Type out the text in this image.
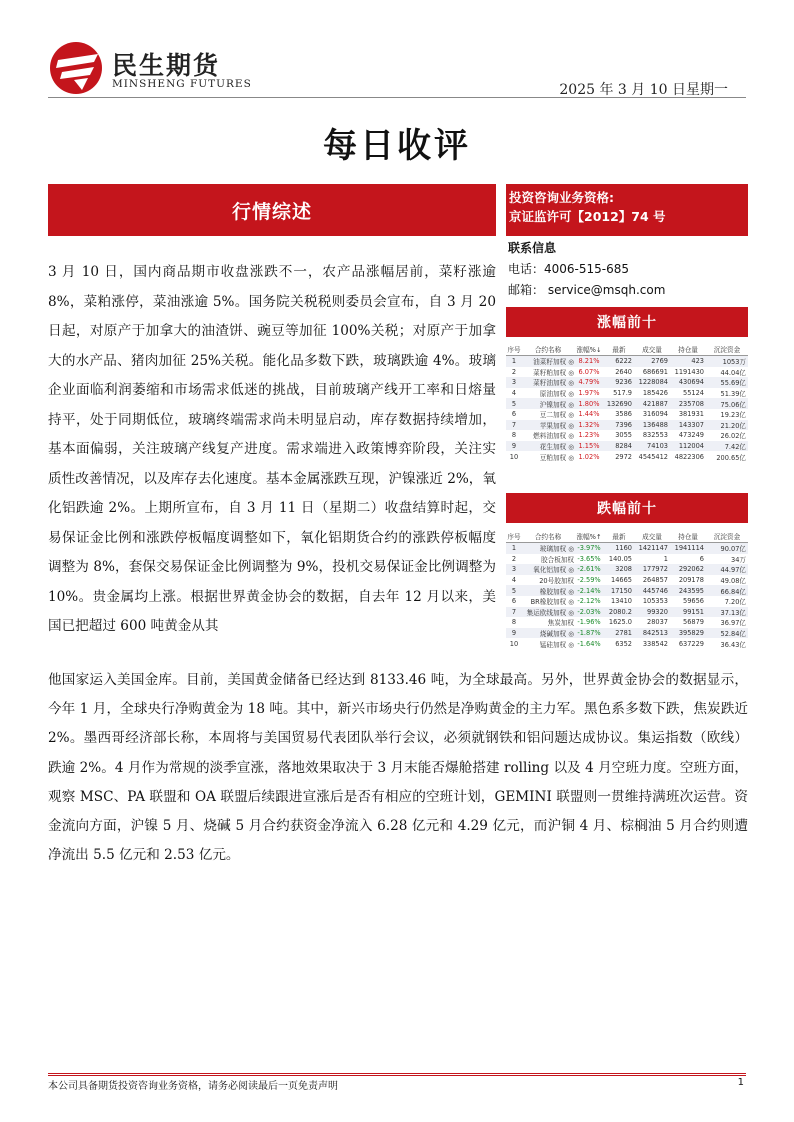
民生期货
MINSHENG FUTURES	2025 年 3 月 10 日星期一
每日收评
行情综述
3 月 10 日，国内商品期市收盘涨跌不一，农产品涨幅居前，菜籽涨逾 8%，菜粕涨停，菜油涨逾 5%。国务院关税税则委员会宣布，自 3 月 20 日起，对原产于加拿大的油渣饼、豌豆等加征 100%关税；对原产于加拿大的水产品、猪肉加征 25%关税。能化品多数下跌，玻璃跌逾 4%。玻璃企业面临利润萎缩和市场需求低迷的挑战，目前玻璃产线开工率和日熔量持平，处于同期低位，玻璃终端需求尚未明显启动，库存数据持续增加，基本面偏弱，关注玻璃产线复产进度。需求端进入政策博弈阶段，关注实质性改善情况，以及库存去化速度。基本金属涨跌互现，沪镍涨近 2%，氧化铝跌逾 2%。上期所宣布，自 3 月 11 日（星期二）收盘结算时起，交易保证金比例和涨跌停板幅度调整如下，氧化铝期货合约的涨跌停板幅度调整为 8%，套保交易保证金比例调整为 9%，投机交易保证金比例调整为 10%。贵金属均上涨。根据世界黄金协会的数据，自去年 12 月以来，美国已把超过 600 吨黄金从其
他国家运入美国金库。目前，美国黄金储备已经达到 8133.46 吨，为全球最高。另外，世界黄金协会的数据显示，今年 1 月，全球央行净购黄金为 18 吨。其中，新兴市场央行仍然是净购黄金的主力军。黑色系多数下跌，焦炭跌近 2%。墨西哥经济部长称，本周将与美国贸易代表团队举行会议，必须就钢铁和铝问题达成协议。集运指数（欧线）跌逾 2%。4 月作为常规的淡季宣涨，落地效果取决于 3 月末能否爆舱搭建 rolling 以及 4 月空班力度。空班方面，观察 MSC、PA 联盟和 OA 联盟后续跟进宣涨后是否有相应的空班计划，GEMINI 联盟则一贯维持满班次运营。资金流向方面，沪镍 5 月、烧碱 5 月合约获资金净流入 6.28 亿元和 4.29 亿元，而沪铜 4 月、棕榈油 5 月合约则遭净流出 5.5 亿元和 2.53 亿元。
投资咨询业务资格:
京证监许可【2012】74 号
联系信息
电话：4006-515-685
邮箱： service@msqh.com
涨幅前十
序号	合约名称	涨幅%↓	最新	成交量	持仓量	沉淀资金
1	油菜籽加权 ◎	8.21%	6222	2769	423	1053万
2	菜籽粕加权 ◎	6.07%	2640	686691	1191430	44.04亿
3	菜籽油加权 ◎	4.79%	9236	1228084	430694	55.69亿
4	原油加权 ◎	1.97%	517.9	185426	55124	51.39亿
5	沪镍加权 ◎	1.80%	132690	421887	235708	75.06亿
6	豆二加权 ◎	1.44%	3586	316094	381931	19.23亿
7	苹果加权 ◎	1.32%	7396	136488	143307	21.20亿
8	燃料油加权 ◎	1.23%	3055	832553	473249	26.02亿
9	花生加权 ◎	1.15%	8284	74103	112004	7.42亿
10	豆粕加权 ◎	1.02%	2972	4545412	4822306	200.65亿
跌幅前十
序号	合约名称	涨幅%↑	最新	成交量	持仓量	沉淀资金
1	玻璃加权 ◎	-3.97%	1160	1421147	1941114	90.07亿
2	胶合板加权	-3.65%	140.05	1	6	34万
3	氧化铝加权 ◎	-2.61%	3208	177972	292062	44.97亿
4	20号胶加权	-2.59%	14665	264857	209178	49.08亿
5	橡胶加权 ◎	-2.14%	17150	445746	243595	66.84亿
6	BR橡胶加权 ◎	-2.12%	13410	105353	59656	7.20亿
7	集运欧线加权 ◎	-2.03%	2080.2	99320	99151	37.13亿
8	焦炭加权	-1.96%	1625.0	28037	56879	36.97亿
9	烧碱加权 ◎	-1.87%	2781	842513	395829	52.84亿
10	锰硅加权 ◎	-1.64%	6352	338542	637229	36.43亿
本公司具备期货投资咨询业务资格，请务必阅读最后一页免责声明	1
